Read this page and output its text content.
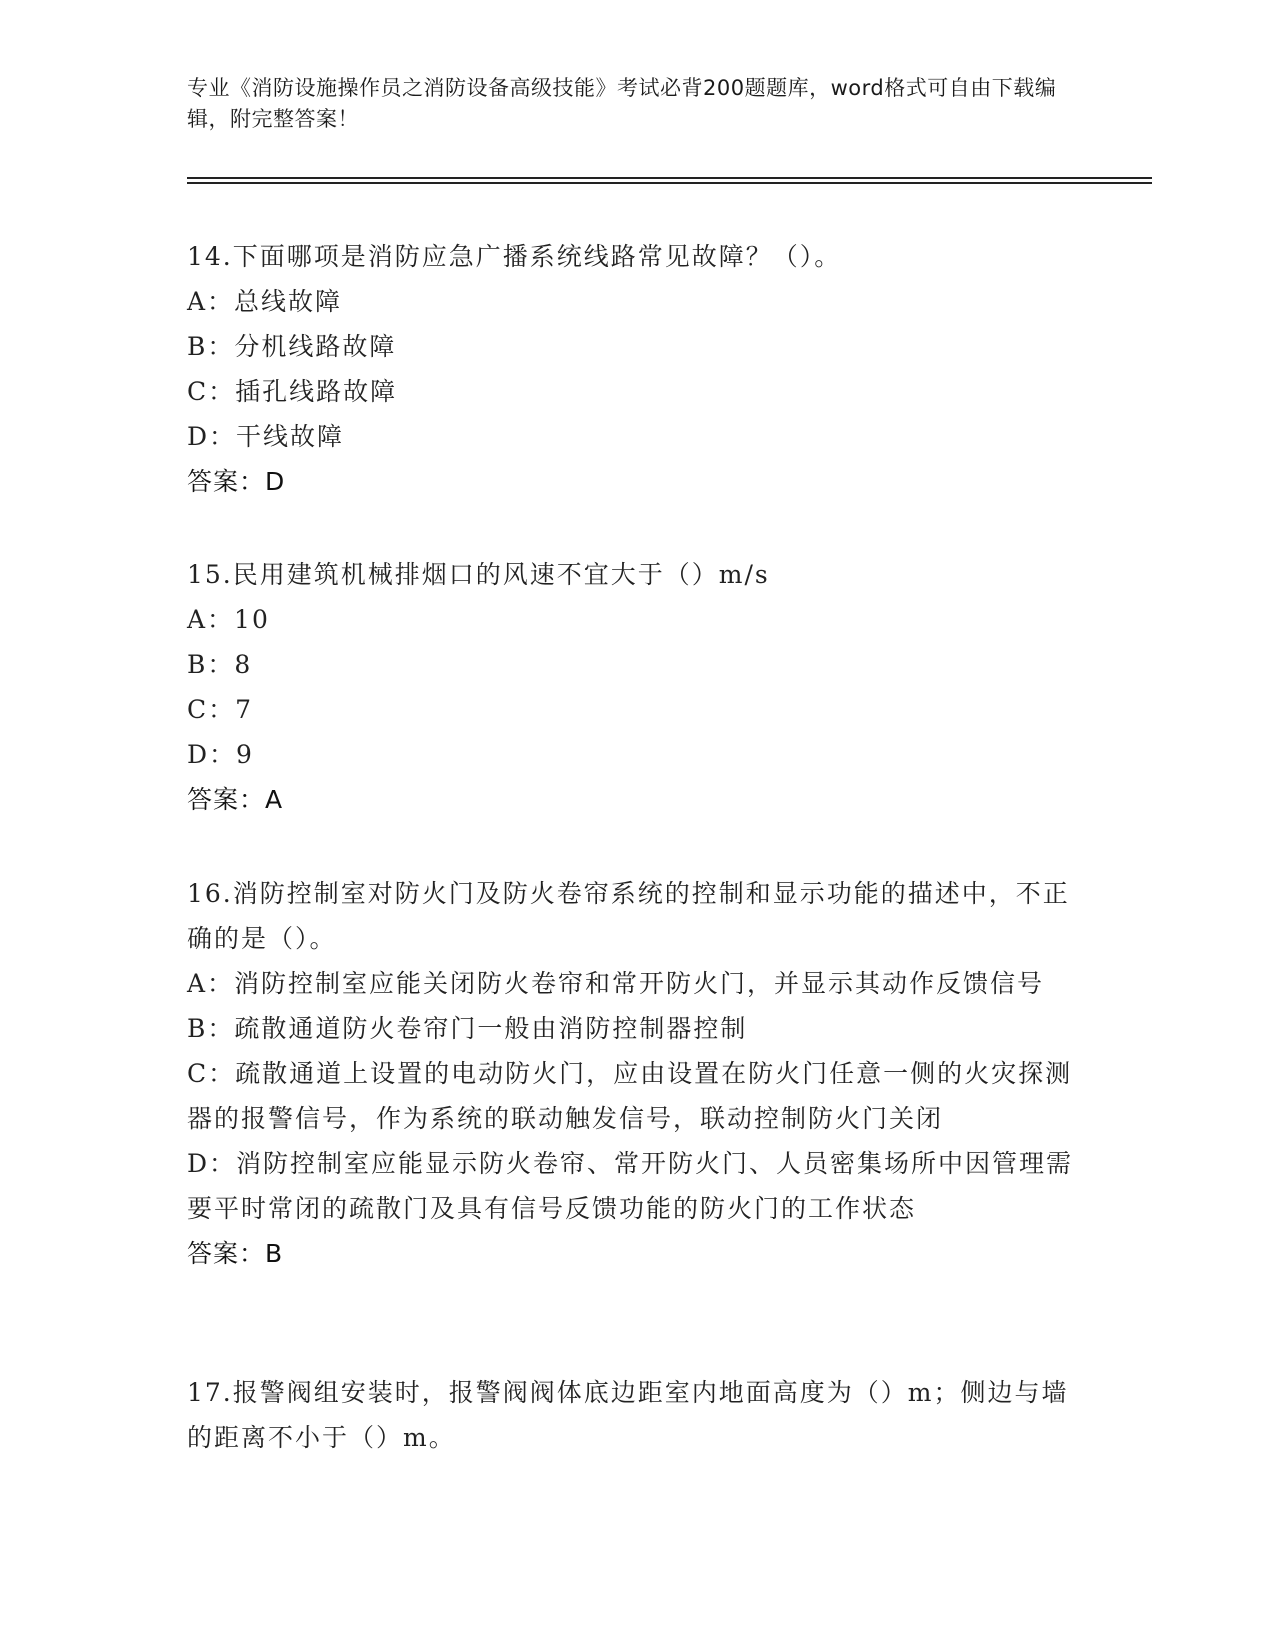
专业《消防设施操作员之消防设备高级技能》考试必背200题题库，word格式可自由下载编辑，附完整答案！
14.下面哪项是消防应急广播系统线路常见故障？（）。
A：总线故障
B：分机线路故障
C：插孔线路故障
D：干线故障
答案：D
15.民用建筑机械排烟口的风速不宜大于（）m/s
A：10
B：8
C：7
D：9
答案：A
16.消防控制室对防火门及防火卷帘系统的控制和显示功能的描述中，不正确的是（）。
A：消防控制室应能关闭防火卷帘和常开防火门，并显示其动作反馈信号
B：疏散通道防火卷帘门一般由消防控制器控制
C：疏散通道上设置的电动防火门，应由设置在防火门任意一侧的火灾探测器的报警信号，作为系统的联动触发信号，联动控制防火门关闭
D：消防控制室应能显示防火卷帘、常开防火门、人员密集场所中因管理需要平时常闭的疏散门及具有信号反馈功能的防火门的工作状态
答案：B
17.报警阀组安装时，报警阀阀体底边距室内地面高度为（）m；侧边与墙的距离不小于（）m。
